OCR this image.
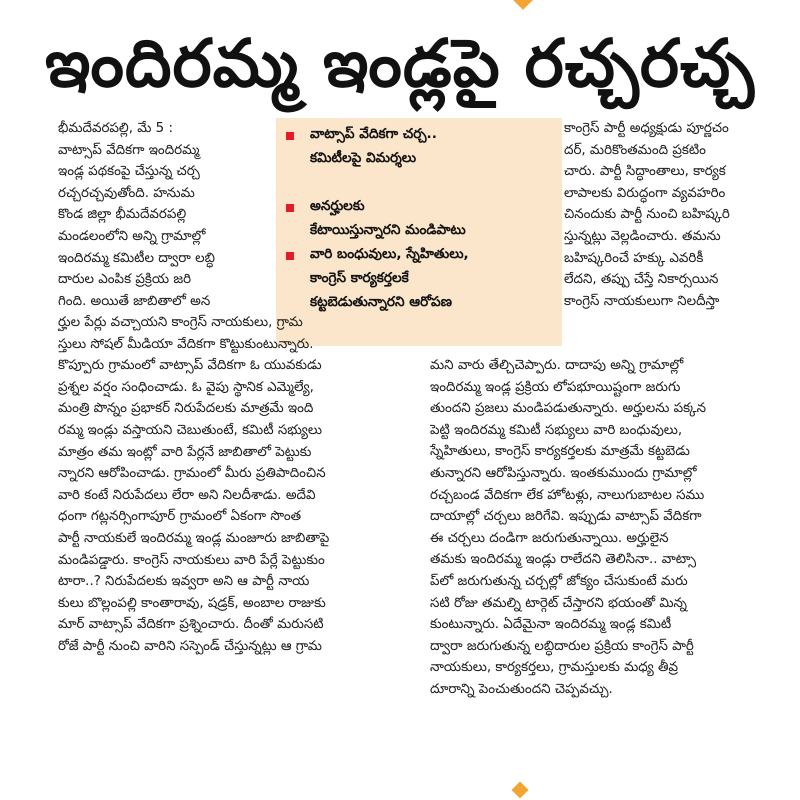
ఇందిరమ్మ ఇండ్లపై రచ్చరచ్చ
భీమదేవరపల్లి, మే 5 :
వాట్సాప్ వేదికగా ఇందిరమ్మ
ఇండ్ల పథకంపై చేస్తున్న చర్చ
రచ్చరచ్చవుతోంది. హనుమ
కొండ జిల్లా భీమదేవరపల్లి
మండలంలోని అన్ని గ్రామాల్లో
ఇందిరమ్మ కమిటీల ద్వారా లబ్ధి
దారుల ఎంపిక ప్రక్రియ జరి
గింది. అయితే జాబితాలో అన
వాట్సాప్ వేదికగా చర్చ..
కమిటీలపై విమర్శలు
అనర్హులకు
కేటాయిస్తున్నారని మండిపాటు
వారి బంధువులు, స్నేహితులు,
కాంగ్రెస్ కార్యకర్తలకే
కట్టబెడుతున్నారని ఆరోపణ
కాంగ్రెస్ పార్టీ అధ్యక్షుడు పూర్ణచం
దర్, మరికొంతమంది ప్రకటిం
చారు. పార్టీ సిద్ధాంతాలు, కార్యక
లాపాలకు విరుద్ధంగా వ్యవహరిం
చినందుకు పార్టీ నుంచి బహిష్కరి
స్తున్నట్లు వెల్లడించారు. తమను
బహిష్కరించే హక్కు ఎవరికీ
లేదని, తప్పు చేస్తే నికార్సయిన
కాంగ్రెస్ నాయకులుగా నిలదీస్తా
ర్హుల పేర్లు వచ్చాయని కాంగ్రెస్ నాయకులు, గ్రామ
స్తులు సోషల్ మీడియా వేదికగా కొట్టుకుంటున్నారు.
కొప్పూరు గ్రామంలో వాట్సాప్ వేదికగా ఓ యువకుడు
ప్రశ్నల వర్షం సంధించాడు. ఓ వైపు స్థానిక ఎమ్మెల్యే,
మంత్రి పొన్నం ప్రభాకర్ నిరుపేదలకు మాత్రమే ఇంది
రమ్మ ఇండ్లు వస్తాయని చెబుతుంటే, కమిటీ సభ్యులు
మాత్రం తమ ఇంట్లో వారి పేర్లనే జాబితాలో పెట్టుకు
న్నారని ఆరోపించాడు. గ్రామంలో మీరు ప్రతిపాదించిన
వారి కంటే నిరుపేదలు లేరా అని నిలదీశాడు. అదేవి
ధంగా గట్లనర్సింగాపూర్ గ్రామంలో ఏకంగా సొంత
పార్టీ నాయకులే ఇందిరమ్మ ఇండ్ల మంజూరు జాబితాపై
మండిపడ్డారు. కాంగ్రెస్ నాయకులు వారి పేర్లే పెట్టుకుం
టారా..? నిరుపేదలకు ఇవ్వరా అని ఆ పార్టీ నాయ
కులు బొల్లంపల్లి కాంతారావు, షడ్రక్, అంబాల రాజుకు
మార్ వాట్సాప్ వేదికగా ప్రశ్నించారు. దీంతో మరుసటి
రోజే పార్టీ నుంచి వారిని సస్పెండ్ చేస్తున్నట్లు ఆ గ్రామ
మని వారు తేల్చిచెప్పారు. దాదాపు అన్ని గ్రామాల్లో
ఇందిరమ్మ ఇండ్ల ప్రక్రియ లోపభూయిష్టంగా జరుగు
తుందని ప్రజలు మండిపడుతున్నారు. అర్హులను పక్కన
పెట్టి ఇందిరమ్మ కమిటీ సభ్యులు వారి బంధువులు,
స్నేహితులు, కాంగ్రెస్ కార్యకర్తలకు మాత్రమే కట్టబెడు
తున్నారని ఆరోపిస్తున్నారు. ఇంతకుముందు గ్రామాల్లో
రచ్చబండ వేదికగా లేక హోటళ్లు, నాలుగుబాటల సము
దాయాల్లో చర్చలు జరిగేవి. ఇప్పుడు వాట్సాప్ వేదికగా
ఈ చర్చలు దండిగా జరుగుతున్నాయి. అర్హులైన
తమకు ఇందిరమ్మ ఇండ్లు రాలేదని తెలిసినా.. వాట్సా
ప్‌లో జరుగుతున్న చర్చల్లో జోక్యం చేసుకుంటే మరు
సటి రోజు తమల్ని టార్గెట్ చేస్తారని భయంతో మిన్న
కుంటున్నారు. ఏదేమైనా ఇందిరమ్మ ఇండ్ల కమిటీ
ద్వారా జరుగుతున్న లబ్ధిదారుల ప్రక్రియ కాంగ్రెస్ పార్టీ
నాయకులు, కార్యకర్తలు, గ్రామస్తులకు మధ్య తీవ్ర
దూరాన్ని పెంచుతుందని చెప్పవచ్చు.
